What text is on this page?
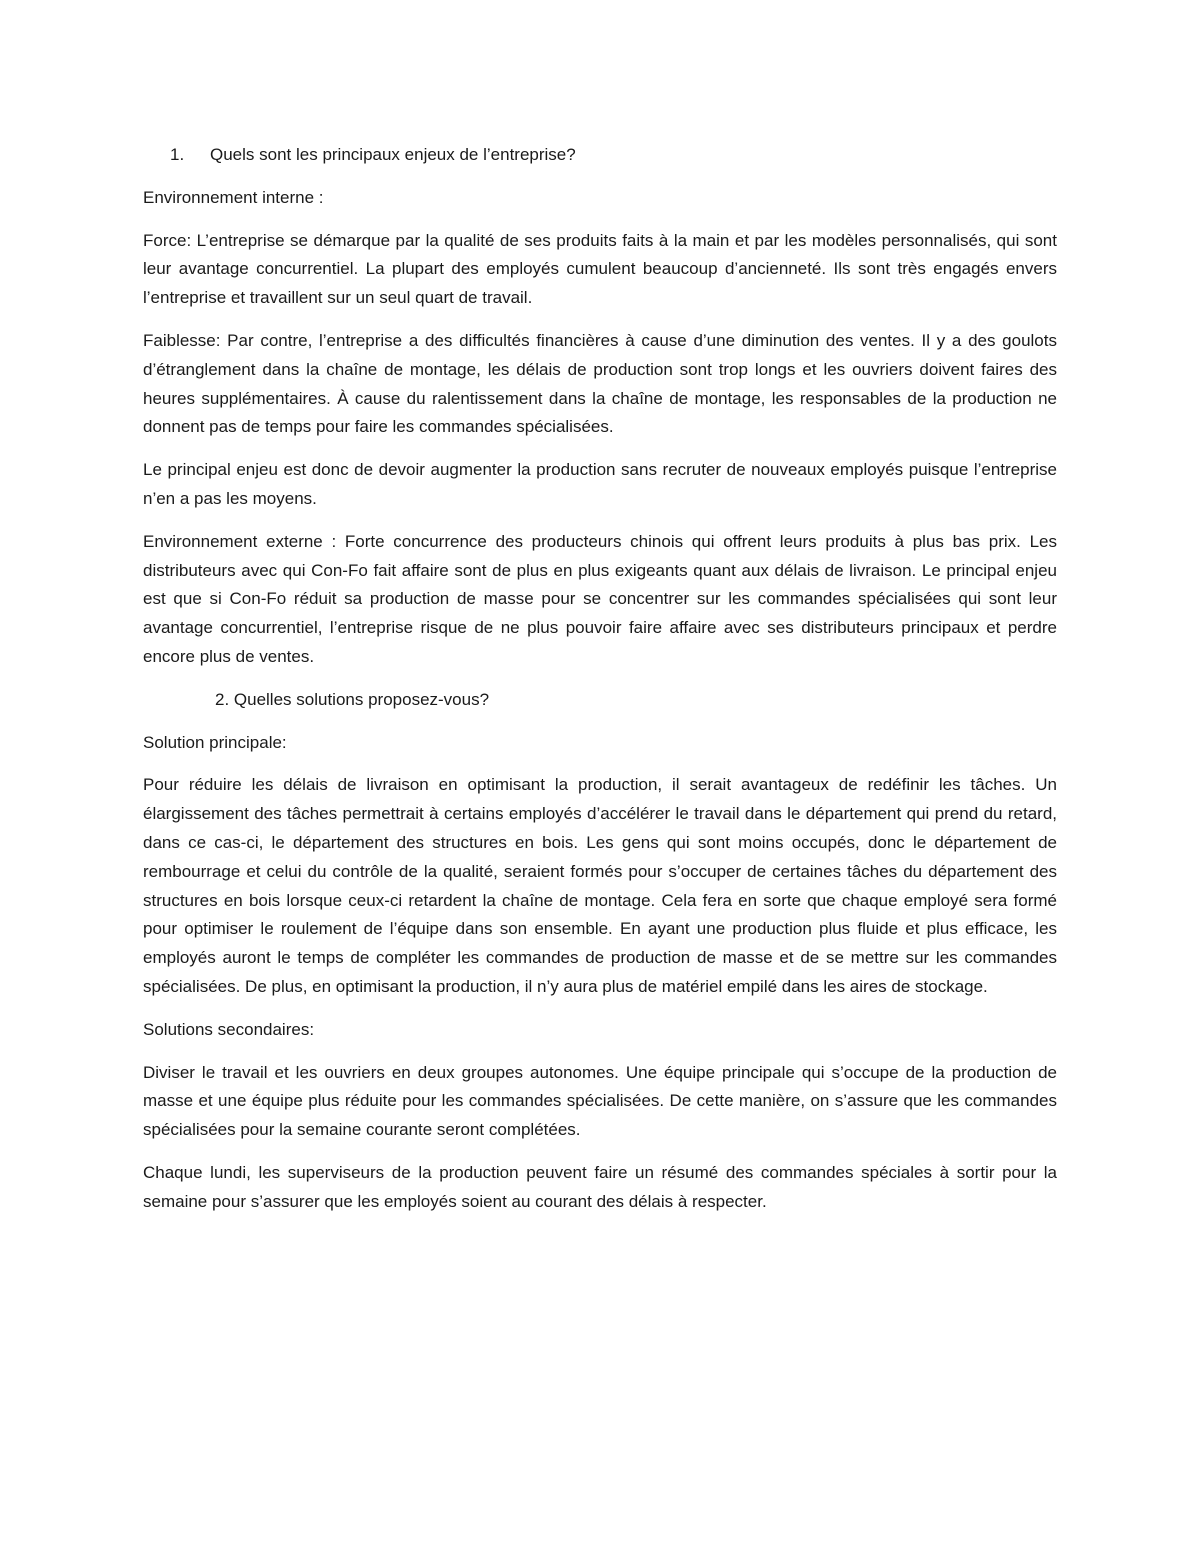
1. Quels sont les principaux enjeux de l’entreprise?
Environnement interne :

Force: L’entreprise se démarque par la qualité de ses produits faits à la main et par les modèles personnalisés, qui sont leur avantage concurrentiel. La plupart des employés cumulent beaucoup d’ancienneté. Ils sont très engagés envers l’entreprise et travaillent sur un seul quart de travail.

Faiblesse: Par contre, l’entreprise a des difficultés financières à cause d’une diminution des ventes. Il y a des goulots d’étranglement dans la chaîne de montage, les délais de production sont trop longs et les ouvriers doivent faires des heures supplémentaires. À cause du ralentissement dans la chaîne de montage, les responsables de la production ne donnent pas de temps pour faire les commandes spécialisées.

Le principal enjeu est donc de devoir augmenter la production sans recruter de nouveaux employés puisque l’entreprise n’en a pas les moyens.

Environnement externe : Forte concurrence des producteurs chinois qui offrent leurs produits à plus bas prix. Les distributeurs avec qui Con-Fo fait affaire sont de plus en plus exigeants quant aux délais de livraison. Le principal enjeu est que si Con-Fo réduit sa production de masse pour se concentrer sur les commandes spécialisées qui sont leur avantage concurrentiel, l’entreprise risque de ne plus pouvoir faire affaire avec ses distributeurs principaux et perdre encore plus de ventes.

2. Quelles solutions proposez-vous?
Solution principale:

Pour réduire les délais de livraison en optimisant la production, il serait avantageux de redéfinir les tâches. Un élargissement des tâches permettrait à certains employés d’accélérer le travail dans le département qui prend du retard, dans ce cas-ci, le département des structures en bois. Les gens qui sont moins occupés, donc le département de rembourrage et celui du contrôle de la qualité, seraient formés pour s’occuper de certaines tâches du département des structures en bois lorsque ceux-ci retardent la chaîne de montage. Cela fera en sorte que chaque employé sera formé pour optimiser le roulement de l’équipe dans son ensemble. En ayant une production plus fluide et plus efficace, les employés auront le temps de compléter les commandes de production de masse et de se mettre sur les commandes spécialisées. De plus, en optimisant la production, il n’y aura plus de matériel empilé dans les aires de stockage.

Solutions secondaires:

Diviser le travail et les ouvriers en deux groupes autonomes. Une équipe principale qui s’occupe de la production de masse et une équipe plus réduite pour les commandes spécialisées. De cette manière, on s’assure que les commandes spécialisées pour la semaine courante seront complétées.

Chaque lundi, les superviseurs de la production peuvent faire un résumé des commandes spéciales à sortir pour la semaine pour s’assurer que les employés soient au courant des délais à respecter.
